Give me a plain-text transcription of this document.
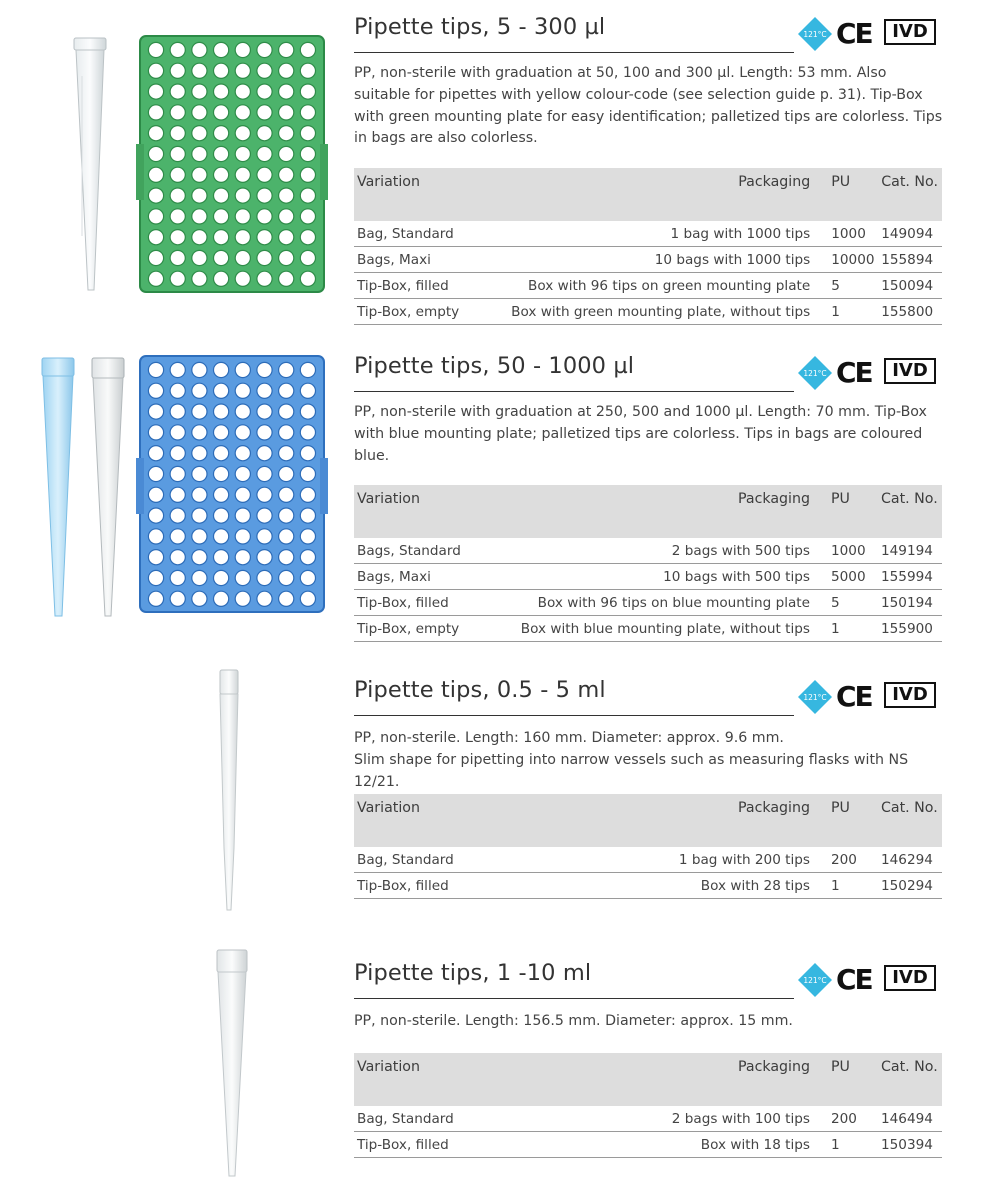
Pipette tips, 5 - 300 µl	121°C CE	IVD
PP, non-sterile with graduation at 50, 100 and 300 µl. Length: 53 mm. Also
suitable for pipettes with yellow colour-code (see selection guide p. 31). Tip-Box
with green mounting plate for easy identification; palletized tips are colorless. Tips
in bags are also colorless.
Variation	Packaging	PU	Cat. No.
Bag, Standard	1 bag with 1000 tips	1000	149094
Bags, Maxi	10 bags with 1000 tips	10000	155894
Tip-Box, filled	Box with 96 tips on green mounting plate	5	150094
Tip-Box, empty	Box with green mounting plate, without tips	1	155800
Pipette tips, 50 - 1000 µl	121°C CE	IVD
PP, non-sterile with graduation at 250, 500 and 1000 µl. Length: 70 mm. Tip-Box
with blue mounting plate; palletized tips are colorless. Tips in bags are coloured
blue.
Variation	Packaging	PU	Cat. No.
Bags, Standard	2 bags with 500 tips	1000	149194
Bags, Maxi	10 bags with 500 tips	5000	155994
Tip-Box, filled	Box with 96 tips on blue mounting plate	5	150194
Tip-Box, empty	Box with blue mounting plate, without tips	1	155900
Pipette tips, 0.5 - 5 ml	121°C CE	IVD
PP, non-sterile. Length: 160 mm. Diameter: approx. 9.6 mm.
Slim shape for pipetting into narrow vessels such as measuring flasks with NS 12/21.
Variation	Packaging	PU	Cat. No.
Bag, Standard	1 bag with 200 tips	200	146294
Tip-Box, filled	Box with 28 tips	1	150294
Pipette tips, 1 -10 ml	121°C CE	IVD
PP, non-sterile. Length: 156.5 mm. Diameter: approx. 15 mm.
Variation	Packaging	PU	Cat. No.
Bag, Standard	2 bags with 100 tips	200	146494
Tip-Box, filled	Box with 18 tips	1	150394
